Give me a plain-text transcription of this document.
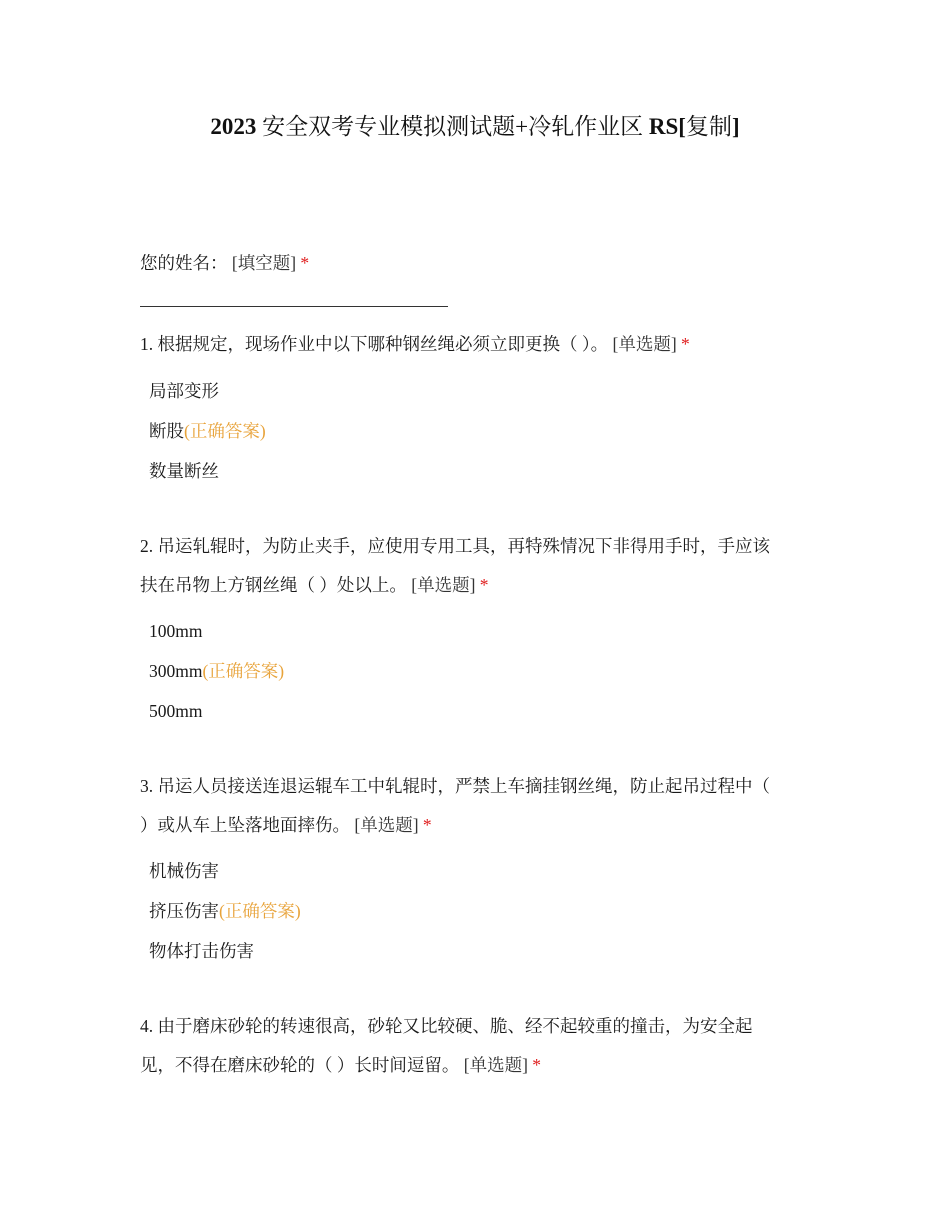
2023 安全双考专业模拟测试题+冷轧作业区 RS[复制]
您的姓名： [填空题] *
1. 根据规定，现场作业中以下哪种钢丝绳必须立即更换（ ）。 [单选题] *
局部变形
断股(正确答案)
数量断丝
2. 吊运轧辊时，为防止夹手，应使用专用工具，再特殊情况下非得用手时，手应该
扶在吊物上方钢丝绳（ ）处以上。 [单选题] *
100mm
300mm(正确答案)
500mm
3. 吊运人员接送连退运辊车工中轧辊时，严禁上车摘挂钢丝绳，防止起吊过程中（
）或从车上坠落地面摔伤。 [单选题] *
机械伤害
挤压伤害(正确答案)
物体打击伤害
4. 由于磨床砂轮的转速很高，砂轮又比较硬、脆、经不起较重的撞击，为安全起
见，不得在磨床砂轮的（ ）长时间逗留。 [单选题] *
